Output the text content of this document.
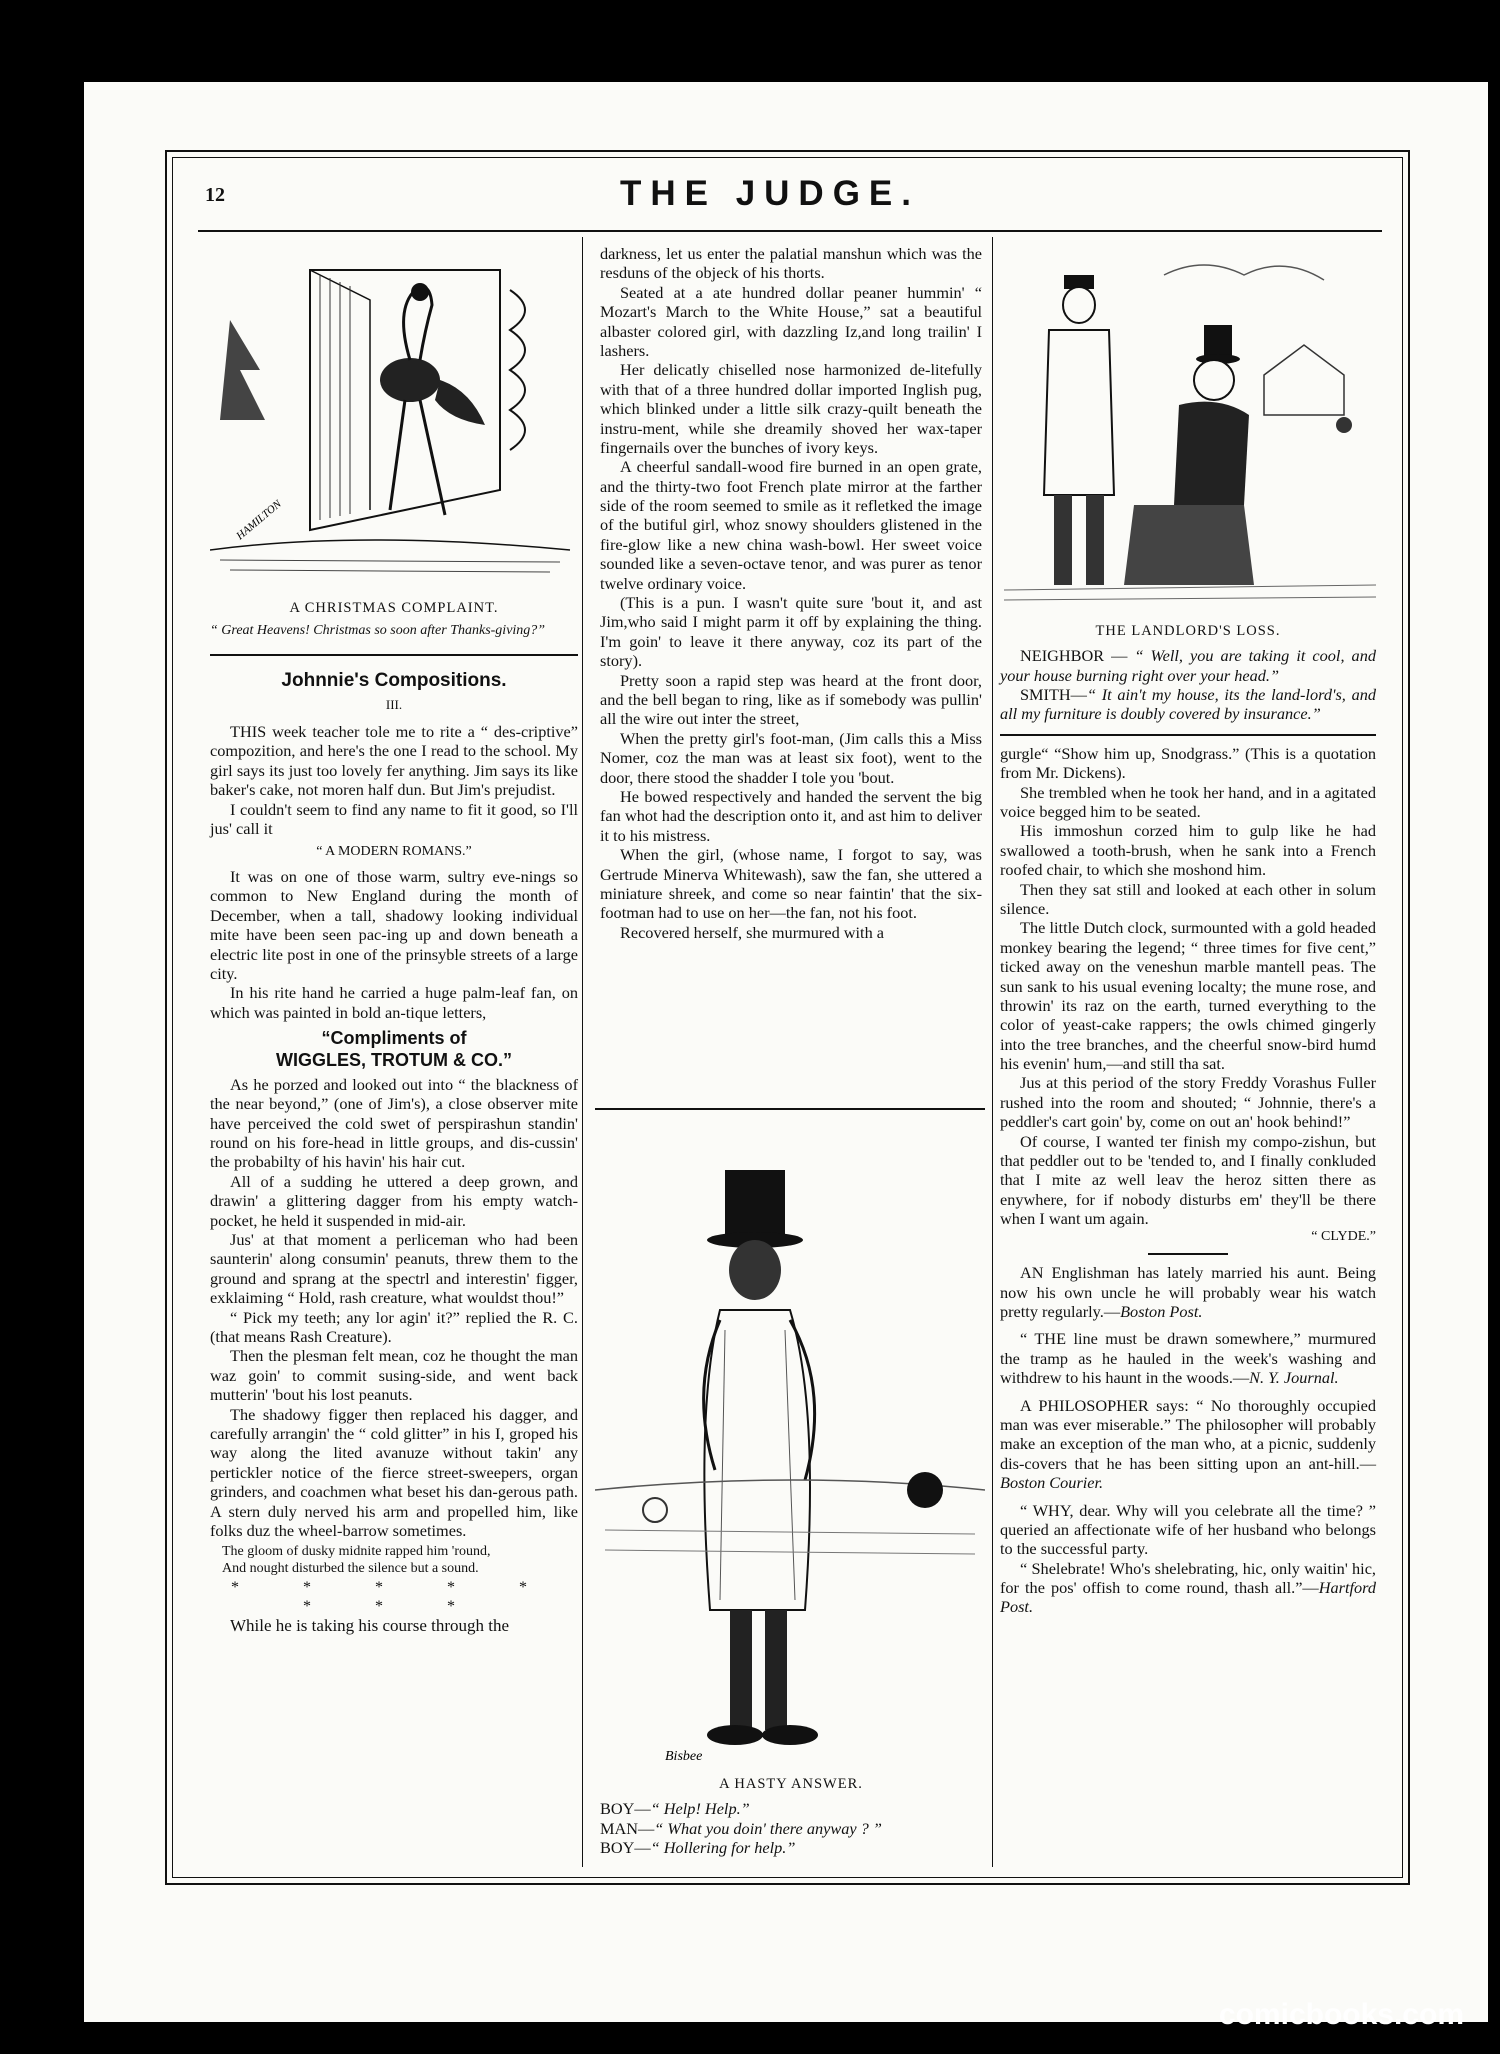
12	THE JUDGE.
HAMILTON

A CHRISTMAS COMPLAINT.

“ Great Heavens! Christmas so soon after Thanks-giving?”

Johnnie's Compositions.
III.

THIS week teacher tole me to rite a “ des-criptive” compozition, and here's the one I read to the school. My girl says its just too lovely fer anything. Jim says its like baker's cake, not moren half dun. But Jim's prejudist.

I couldn't seem to find any name to fit it good, so I'll jus' call it

“ A MODERN ROMANS.”

It was on one of those warm, sultry eve-nings so common to New England during the month of December, when a tall, shadowy looking individual mite have been seen pac-ing up and down beneath a electric lite post in one of the prinsyble streets of a large city.

In his rite hand he carried a huge palm-leaf fan, on which was painted in bold an-tique letters,

“Compliments of
WIGGLES, TROTUM & CO.”

As he porzed and looked out into “ the blackness of the near beyond,” (one of Jim's), a close observer mite have perceived the cold swet of perspirashun standin' round on his fore-head in little groups, and dis-cussin' the probabilty of his havin' his hair cut.

All of a sudding he uttered a deep grown, and drawin' a glittering dagger from his empty watch-pocket, he held it suspended in mid-air.

Jus' at that moment a perliceman who had been saunterin' along consumin' peanuts, threw them to the ground and sprang at the spectrl and interestin' figger, exklaiming “ Hold, rash creature, what wouldst thou!”

“ Pick my teeth; any lor agin' it?” replied the R. C. (that means Rash Creature).

Then the plesman felt mean, coz he thought the man waz goin' to commit susing-side, and went back mutterin' 'bout his lost peanuts.

The shadowy figger then replaced his dagger, and carefully arrangin' the “ cold glitter” in his I, groped his way along the lited avanuze without takin' any pertickler notice of the fierce street-sweepers, organ grinders, and coachmen what beset his dan-gerous path. A stern duly nerved his arm and propelled him, like folks duz the wheel-barrow sometimes.

The gloom of dusky midnite rapped him 'round,

And nought disturbed the silence but a sound.

* * * * * * * *

While he is taking his course through the

darkness, let us enter the palatial manshun which was the resduns of the objeck of his thorts.

Seated at a ate hundred dollar peaner hummin' “ Mozart's March to the White House,” sat a beautiful albaster colored girl, with dazzling Iz,and long trailin' I lashers.

Her delicatly chiselled nose harmonized de-litefully with that of a three hundred dollar imported Inglish pug, which blinked under a little silk crazy-quilt beneath the instru-ment, while she dreamily shoved her wax-taper fingernails over the bunches of ivory keys.

A cheerful sandall-wood fire burned in an open grate, and the thirty-two foot French plate mirror at the farther side of the room seemed to smile as it refletked the image of the butiful girl, whoz snowy shoulders glistened in the fire-glow like a new china wash-bowl. Her sweet voice sounded like a seven-octave tenor, and was purer as tenor twelve ordinary voice.

(This is a pun. I wasn't quite sure 'bout it, and ast Jim,who said I might parm it off by explaining the thing. I'm goin' to leave it there anyway, coz its part of the story).

Pretty soon a rapid step was heard at the front door, and the bell began to ring, like as if somebody was pullin' all the wire out inter the street,

When the pretty girl's foot-man, (Jim calls this a Miss Nomer, coz the man was at least six foot), went to the door, there stood the shadder I tole you 'bout.

He bowed respectively and handed the servent the big fan whot had the description onto it, and ast him to deliver it to his mistress.

When the girl, (whose name, I forgot to say, was Gertrude Minerva Whitewash), saw the fan, she uttered a miniature shreek, and come so near faintin' that the six-footman had to use on her—the fan, not his foot.

Recovered herself, she murmured with a

Bisbee

A HASTY ANSWER.

BOY—“ Help! Help.”

MAN—“ What you doin' there anyway ? ”

BOY—“ Hollering for help.”

THE LANDLORD'S LOSS.

NEIGHBOR — “ Well, you are taking it cool, and your house burning right over your head.”

SMITH—“ It ain't my house, its the land-lord's, and all my furniture is doubly covered by insurance.”

gurgle“ “Show him up, Snodgrass.” (This is a quotation from Mr. Dickens).

She trembled when he took her hand, and in a agitated voice begged him to be seated.

His immoshun corzed him to gulp like he had swallowed a tooth-brush, when he sank into a French roofed chair, to which she moshond him.

Then they sat still and looked at each other in solum silence.

The little Dutch clock, surmounted with a gold headed monkey bearing the legend; “ three times for five cent,” ticked away on the veneshun marble mantell peas. The sun sank to his usual evening localty; the mune rose, and throwin' its raz on the earth, turned everything to the color of yeast-cake rappers; the owls chimed gingerly into the tree branches, and the cheerful snow-bird humd his evenin' hum,—and still tha sat.

Jus at this period of the story Freddy Vorashus Fuller rushed into the room and shouted; “ Johnnie, there's a peddler's cart goin' by, come on out an' hook behind!”

Of course, I wanted ter finish my compo-zishun, but that peddler out to be 'tended to, and I finally conkluded that I mite az well leav the heroz sitten there as enywhere, for if nobody disturbs em' they'll be there when I want um again.

“ CLYDE.”

AN Englishman has lately married his aunt. Being now his own uncle he will probably wear his watch pretty regularly.—Boston Post.

“ THE line must be drawn somewhere,” murmured the tramp as he hauled in the week's washing and withdrew to his haunt in the woods.—N. Y. Journal.

A PHILOSOPHER says: “ No thoroughly occupied man was ever miserable.” The philosopher will probably make an exception of the man who, at a picnic, suddenly dis-covers that he has been sitting upon an ant-hill.—Boston Courier.

“ WHY, dear. Why will you celebrate all the time? ” queried an affectionate wife of her husband who belongs to the successful party.

“ Shelebrate! Who's shelebrating, hic, only waitin' hic, for the pos' offish to come round, thash all.”—Hartford Post.

comicbooks.com
